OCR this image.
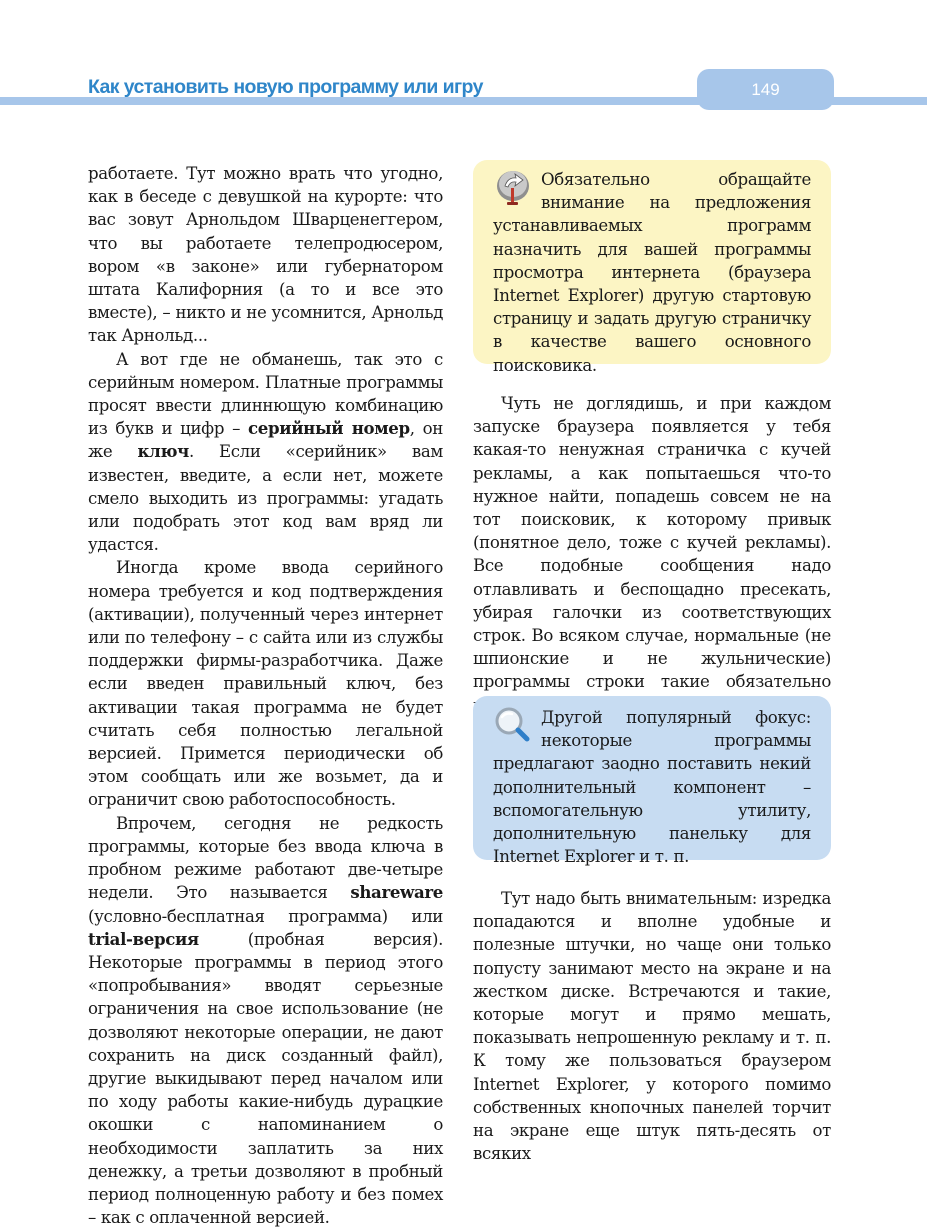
Как установить новую программу или игру	149

работаете. Тут можно врать что угодно, как в беседе с девушкой на курорте: что вас зовут Арнольдом Шварценеггером, что вы работаете телепродюсером, вором «в законе» или губернатором штата Калифорния (а то и все это вместе), – никто и не усомнится, Арнольд так Арнольд...

А вот где не обманешь, так это с серийным номером. Платные программы просят ввести длиннющую комбинацию из букв и цифр – серийный номер, он же ключ. Если «серийник» вам известен, введите, а если нет, можете смело выходить из программы: угадать или подобрать этот код вам вряд ли удастся.

Иногда кроме ввода серийного номера требуется и код подтверждения (активации), полученный через интернет или по телефону – с сайта или из службы поддержки фирмы-разработчика. Даже если введен правильный ключ, без активации такая программа не будет считать себя полностью легальной версией. Примется периодически об этом сообщать или же возьмет, да и ограничит свою работоспособность.

Впрочем, сегодня не редкость программы, которые без ввода ключа в пробном режиме работают две-четыре недели. Это называется shareware (условно-бесплатная программа) или trial-версия (пробная версия). Некоторые программы в период этого «попробывания» вводят серьезные ограничения на свое использование (не дозволяют некоторые операции, не дают сохранить на диск созданный файл), другие выкидывают перед началом или по ходу работы какие-нибудь дурацкие окошки с напоминанием о необходимости заплатить за них денежку, а третьи дозволяют в пробный период полноценную работу и без помех – как с оплаченной версией.

Обязательно обращайте внимание на предложения устанавливаемых программ назначить для вашей программы просмотра интернета (браузера Internet Explorer) другую стартовую страницу и задать другую страничку в качестве вашего основного поисковика.

Чуть не доглядишь, и при каждом запуске браузера появляется у тебя какая-то ненужная страничка с кучей рекламы, а как попытаешься что-то нужное найти, попадешь совсем не на тот поисковик, к которому привык (понятное дело, тоже с кучей рекламы). Все подобные сообщения надо отлавливать и беспощадно пресекать, убирая галочки из соответствующих строк. Во всяком случае, нормальные (не шпионские и не жульнические) программы строки такие обязательно

Другой популярный фокус: некоторые программы предлагают заодно поставить некий дополнительный компонент – вспомогательную утилиту, дополнительную панельку для Internet Explorer и т. п.

Тут надо быть внимательным: изредка попадаются и вполне удобные и полезные штучки, но чаще они только попусту занимают место на экране и на жестком диске. Встречаются и такие, которые могут и прямо мешать, показывать непрошенную рекламу и т. п. К тому же пользоваться браузером Internet Explorer, у которого помимо собственных кнопочных панелей торчит на экране еще штук пять-десять от всяких
